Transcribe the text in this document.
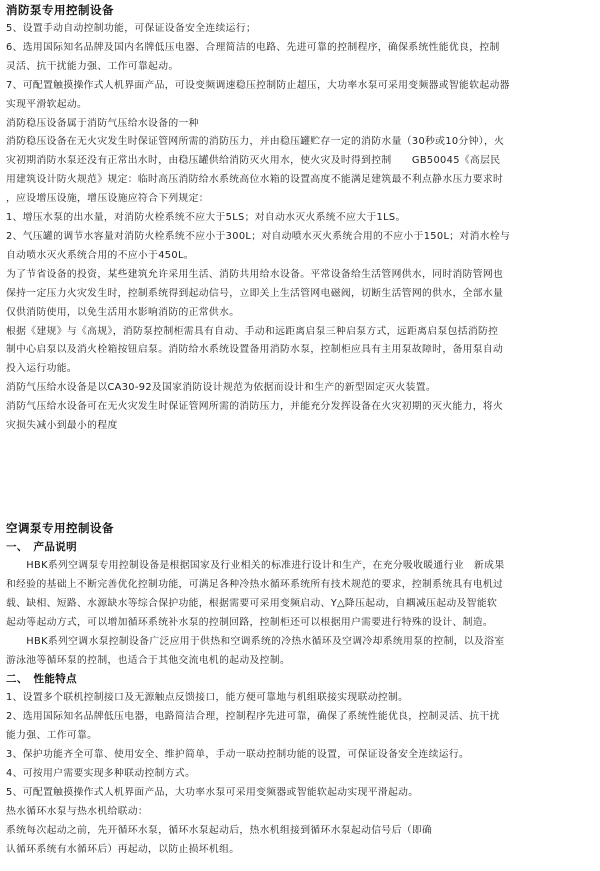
消防泵专用控制设备

5、设置手动自动控制功能，可保证设备安全连续运行；

6、选用国际知名品牌及国内名牌低压电器、合理简洁的电路、先进可靠的控制程序，确保系统性能优良，控制

灵活、抗干扰能力强、工作可靠起动。

7、可配置触摸操作式人机界面产品，可设变频调速稳压控制防止超压，大功率水泵可采用变频器或智能软起动器

实现平滑软起动。

消防稳压设备属于消防气压给水设备的一种

消防稳压设备在无火灾发生时保证管网所需的消防压力，并由稳压罐贮存一定的消防水量（30秒或10分钟），火

灾初期消防水泵还没有正常出水时，由稳压罐供给消防灭火用水，使火灾及时得到控制　　GB50045《高层民

用建筑设计防火规范》规定：临时高压消防给水系统高位水箱的设置高度不能满足建筑最不利点静水压力要求时

，应设增压设施，增压设施应符合下列规定：

1、增压水泵的出水量，对消防火栓系统不应大于5LS；对自动水灭火系统不应大于1LS。

2、气压罐的调节水容量对消防火栓系统不应小于300L；对自动喷水灭火系统合用的不应小于150L；对消水栓与

自动喷水灭火系统合用的不应小于450L。

为了节省设备的投资，某些建筑允许采用生活、消防共用给水设备。平常设备给生活管网供水，同时消防管网也

保持一定压力火灾发生时，控制系统得到起动信号，立即关上生活管网电磁阀，切断生活管网的供水，全部水量

仅供消防使用，以免生活用水影响消防的正常供水。

根据《建规》与《高规》，消防泵控制柜需具有自动、手动和远距离启泵三种启泵方式，远距离启泵包括消防控

制中心启泵以及消火栓箱按钮启泵。消防给水系统设置备用消防水泵，控制柜应具有主用泵故障时，备用泵自动

投入运行功能。

消防气压给水设备是以CA30-92及国家消防设计规范为依据而设计和生产的新型固定灭火装置。

消防气压给水设备可在无火灾发生时保证管网所需的消防压力，并能充分发挥设备在火灾初期的灭火能力，将火

灾损失减小到最小的程度

空调泵专用控制设备

一、　产品说明

　　HBK系列空调泵专用控制设备是根据国家及行业相关的标准进行设计和生产，在充分吸收暖通行业　新成果

和经验的基础上不断完善优化控制功能，可满足各种冷热水循环系统所有技术规范的要求，控制系统具有电机过

载、缺相、短路、水源缺水等综合保护功能，根据需要可采用变频启动、Y△降压起动，自耦减压起动及智能软

起动等起动方式，可以增加循环系统补水泵的控制回路，控制柜还可以根据用户需要进行特殊的设计、制造。

　　HBK系列空调水泵控制设备广泛应用于供热和空调系统的冷热水循环及空调冷却系统用泵的控制，以及浴室

游泳池等循环泵的控制，也适合于其他交流电机的起动及控制。

二、　性能特点

1、设置多个联机控制接口及无源触点反馈接口，能方便可靠地与机组联接实现联动控制。

2、选用国际知名品牌低压电器，电路简洁合理，控制程序先进可靠，确保了系统性能优良，控制灵活、抗干扰

能力强、工作可靠。

3、保护功能齐全可靠、使用安全、维护简单，手动一联动控制功能的设置，可保证设备安全连续运行。

4、可按用户需要实现多种联动控制方式。

5、可配置触摸操作式人机界面产品，大功率水泵可采用变频器或智能软起动实现平滑起动。

热水循环水泵与热水机给联动：

系统每次起动之前，先开循环水泵，循环水泵起动后，热水机组接到循环水泵起动信号后（即确

认循环系统有水循环后）再起动，以防止损坏机组。
